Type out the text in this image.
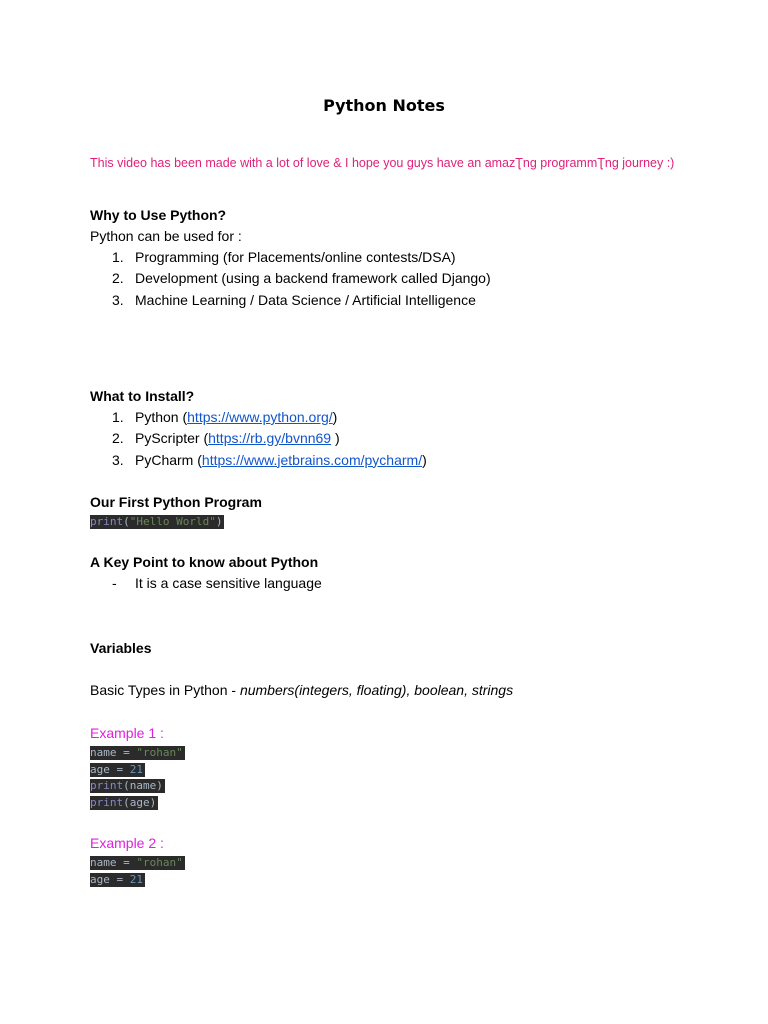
Python Notes
This video has been made with a lot of love & I hope you guys have an amazƮng programmƮng journey :)
Why to Use Python?
Python can be used for :
1. Programming (for Placements/online contests/DSA)
2. Development (using a backend framework called Django)
3. Machine Learning / Data Science / Artificial Intelligence
What to Install?
1. Python (https://www.python.org/)
2. PyScripter (https://rb.gy/bvnn69 )
3. PyCharm (https://www.jetbrains.com/pycharm/)
Our First Python Program
print("Hello World")
A Key Point to know about Python
-	It is a case sensitive language
Variables
Basic Types in Python - numbers(integers, floating), boolean, strings
Example 1 :
name = "rohan"
age = 21
print(name)
print(age)
Example 2 :
name = "rohan"
age = 21
